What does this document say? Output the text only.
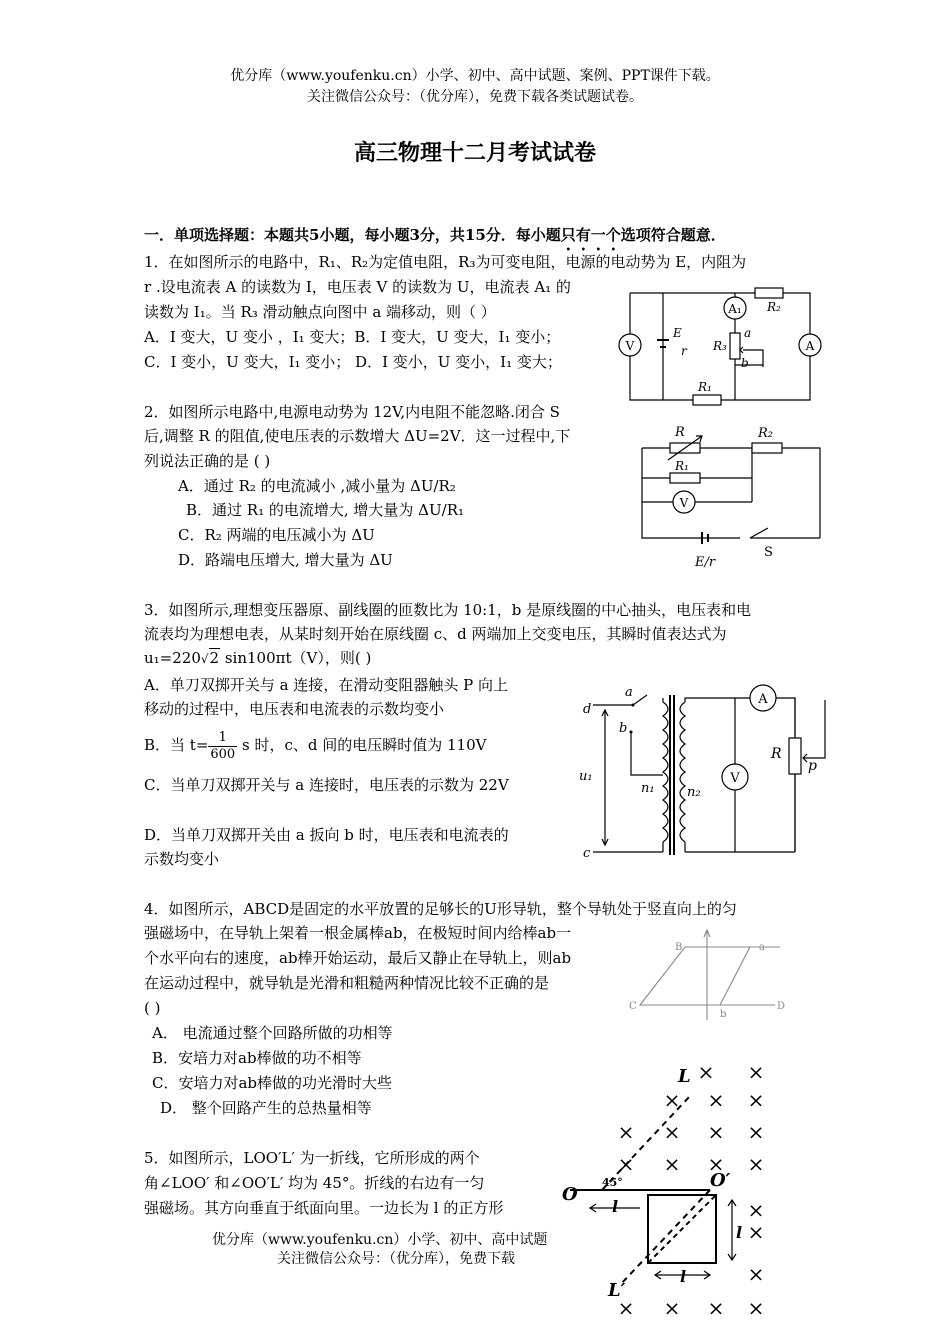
优分库（www.youfenku.cn）小学、初中、高中试题、案例、PPT课件下载。
关注微信公众号：（优分库），免费下载各类试题试卷。
高三物理十二月考试试卷
一．单项选择题：本题共5小题，每小题3分，共15分．每小题只有一个选项符合题意．
1．在如图所示的电路中，R₁、R₂为定值电阻，R₃为可变电阻，电源的电动势为 E，内阻为
r .设电流表 A 的读数为 I，电压表 V 的读数为 U，电流表 A₁ 的
读数为 I₁。当 R₃ 滑动触点向图中 a 端移动，则（ ）
A．I 变大，U 变小 ，I₁ 变大；B．I 变大，U 变大，I₁ 变小；
C．I 变小，U 变大，I₁ 变小； D．I 变小，U 变小，I₁ 变大；
V	A
A₁ R₂
a
R₃
b
E
r
R₁
2．如图所示电路中,电源电动势为 12V,内电阻不能忽略.闭合 S
后,调整 R 的阻值,使电压表的示数增大 ΔU=2V．这一过程中,下
列说法正确的是 ( )
A．通过 R₂ 的电流减小 ,减小量为 ΔU/R₂
B．通过 R₁ 的电流增大, 增大量为 ΔU/R₁
C．R₂ 两端的电压减小为 ΔU
D．路端电压增大, 增大量为 ΔU
R	R₂
R₁
V
S
E/r
3．如图所示,理想变压器原、副线圈的匝数比为 10:1，b 是原线圈的中心抽头，电压表和电
流表均为理想电表，从某时刻开始在原线圈 c、d 两端加上交变电压，其瞬时值表达式为
u₁=220√2 sin100πt（V），则( )
A．单刀双掷开关与 a 连接，在滑动变阻器触头 P 向上
移动的过程中，电压表和电流表的示数均变小
B．当 $t= \frac{1}{600}$ s 时，c、d 间的电压瞬时值为 110V
C．当单刀双掷开关与 a 连接时，电压表的示数为 22V
D．当单刀双掷开关由 a 扳向 b 时，电压表和电流表的
示数均变小
a
d
b
u₁
n₁ n₂
c
A
V
R
p
4．如图所示，ABCD是固定的水平放置的足够长的U形导轨，整个导轨处于竖直向上的匀
强磁场中，在导轨上架着一根金属棒ab，在极短时间内给棒ab一
个水平向右的速度，ab棒开始运动，最后又静止在导轨上，则ab
在运动过程中，就导轨是光滑和粗糙两种情况比较不正确的是
( )
A． 电流通过整个回路所做的功相等
B．安培力对ab棒做的功不相等
C．安培力对ab棒做的功光滑时大些
D． 整个回路产生的总热量相等
B	a
C
b
D
5．如图所示，LOO′L′ 为一折线，它所形成的两个
角∠LOO′ 和∠OO′L′ 均为 45°。折线的右边有一匀
强磁场。其方向垂直于纸面向里。一边长为 l 的正方形
× ×
× × ×
× × × ×
× × × ×
×
×
×
× × × ×
L
O
45°	O′
l
l
l
L′
优分库（www.youfenku.cn）小学、初中、高中试题
关注微信公众号：（优分库），免费下载
